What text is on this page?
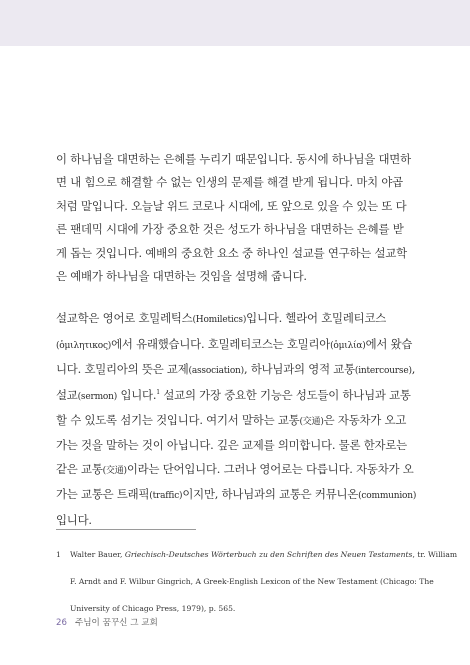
이 하나님을 대면하는 은혜를 누리기 때문입니다. 동시에 하나님을 대면하
면 내 힘으로 해결할 수 없는 인생의 문제를 해결 받게 됩니다. 마치 야곱
처럼 말입니다. 오늘날 위드 코로나 시대에, 또 앞으로 있을 수 있는 또 다
른 팬데믹 시대에 가장 중요한 것은 성도가 하나님을 대면하는 은혜를 받
게 돕는 것입니다. 예배의 중요한 요소 중 하나인 설교를 연구하는 설교학
은 예배가 하나님을 대면하는 것임을 설명해 줍니다.

설교학은 영어로 호밀레틱스(Homiletics)입니다. 헬라어 호밀레티코스
(ὁμιλητικος)에서 유래했습니다. 호밀레티코스는 호밀리아(ὁμιλία)에서 왔습
니다. 호밀리아의 뜻은 교제(association), 하나님과의 영적 교통(intercourse),
설교(sermon) 입니다.$^1$ 설교의 가장 중요한 기능은 성도들이 하나님과 교통
할 수 있도록 섬기는 것입니다. 여기서 말하는 교통(交通)은 자동차가 오고
가는 것을 말하는 것이 아닙니다. 깊은 교제를 의미합니다. 물론 한자로는
같은 교통(交通)이라는 단어입니다. 그러나 영어로는 다릅니다. 자동차가 오
가는 교통은 트래픽(traffic)이지만, 하나님과의 교통은 커뮤니온(communion)
입니다.

1 Walter Bauer, Griechisch-Deutsches Wörterbuch zu den Schriften des Neuen Testaments, tr. William

F. Arndt and F. Wilbur Gingrich, A Greek-English Lexicon of the New Testament (Chicago: The

University of Chicago Press, 1979), p. 565.
26 주님이 꿈꾸신 그 교회
